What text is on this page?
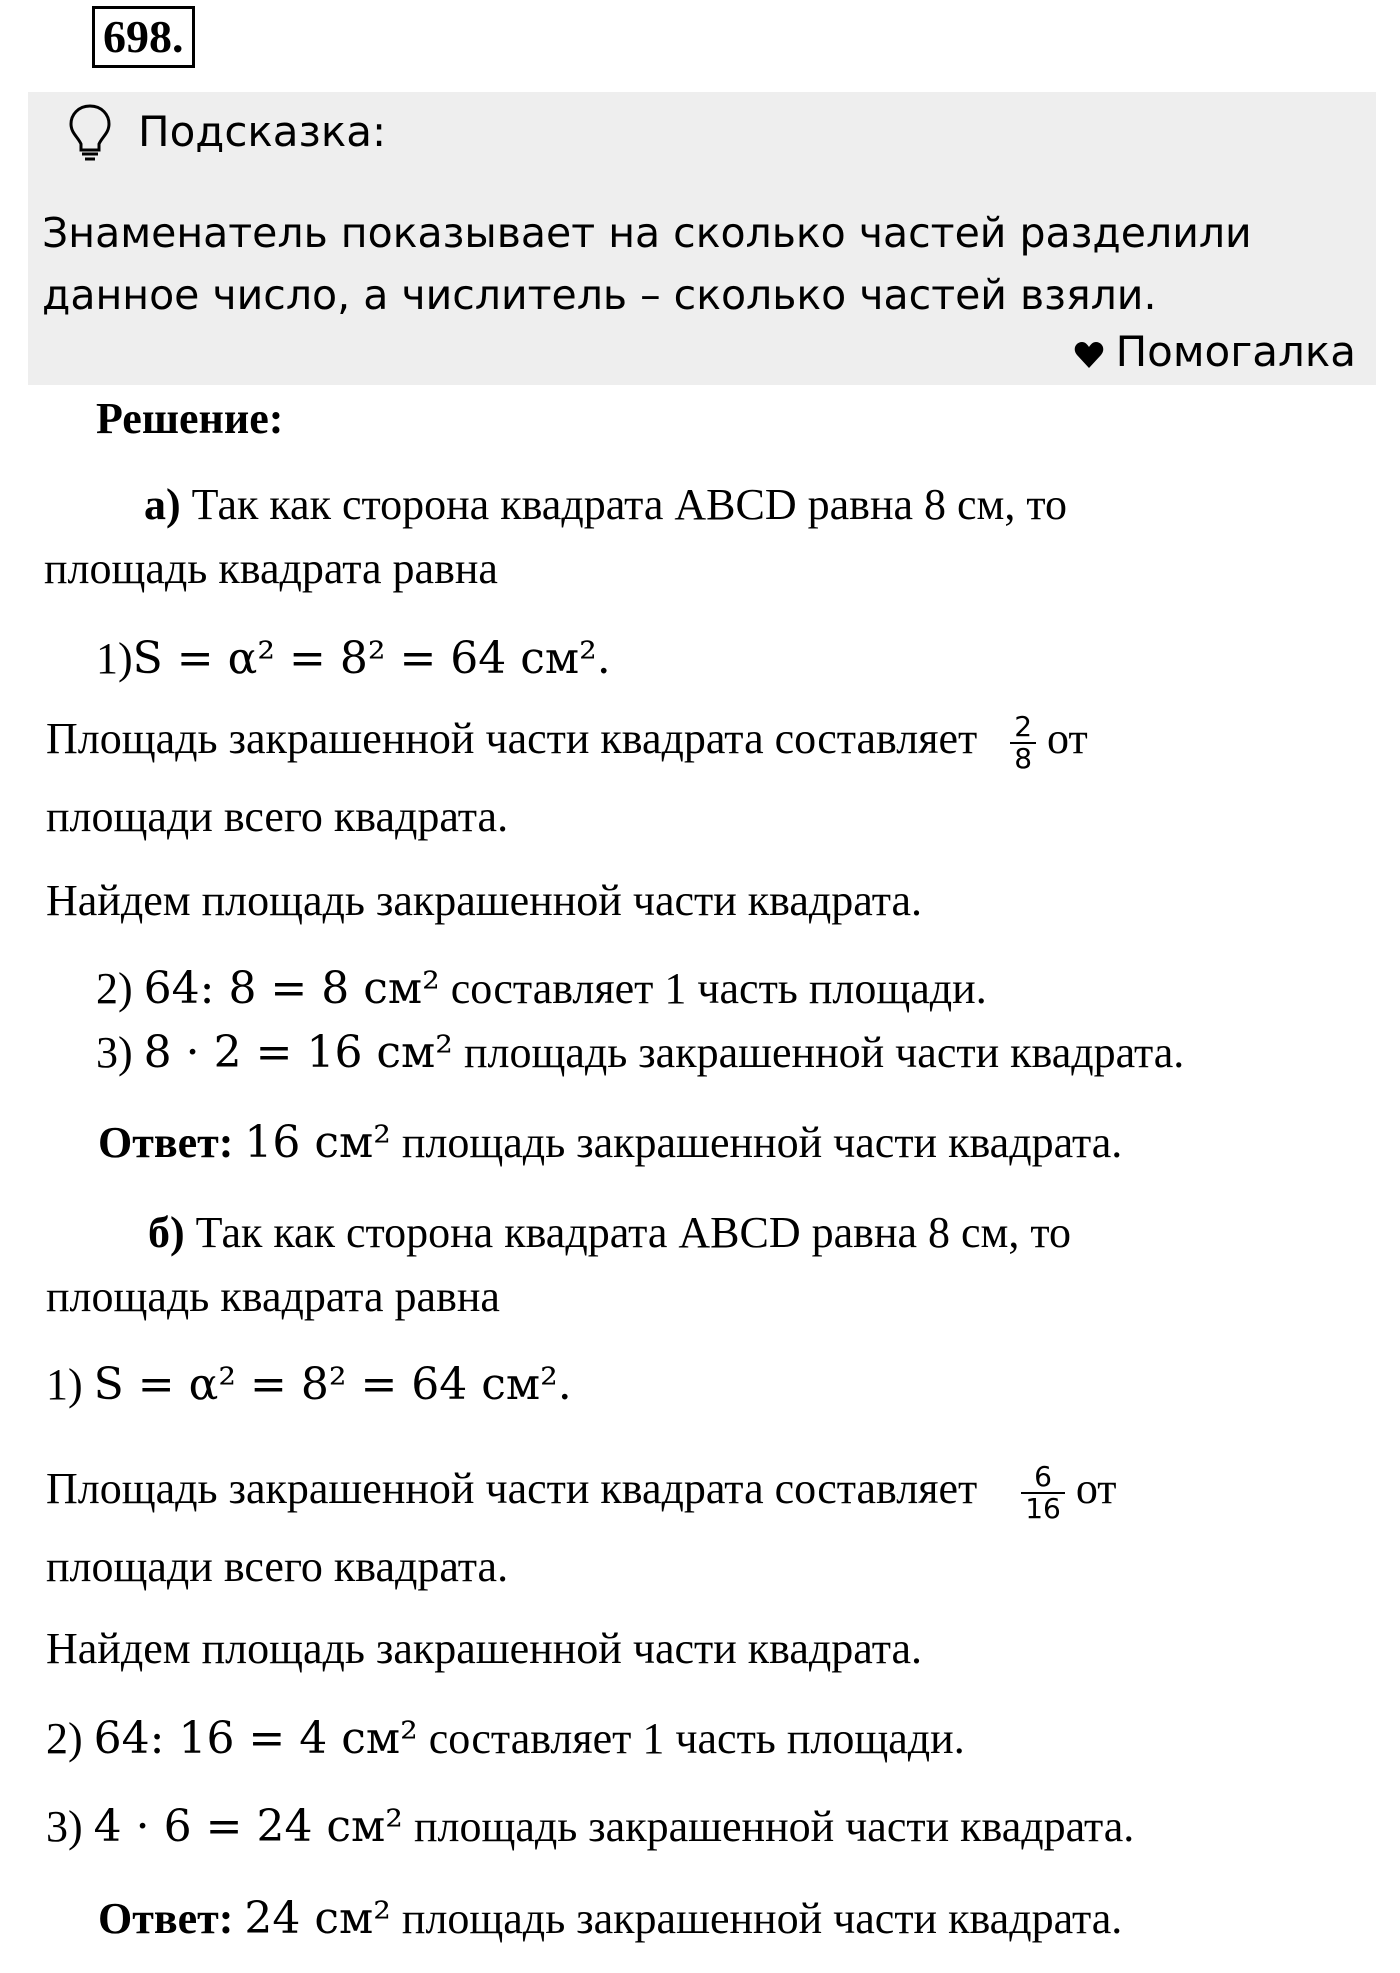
698.
Подсказка:
Знаменатель показывает на сколько частей разделили данное число, а числитель – сколько частей взяли.
Помогалка
Решение:
а) Так как сторона квадрата ABCD равна 8 см, то
площадь квадрата равна
1)S = α² = 8² = 64 см².
Площадь закрашенной части квадрата составляет $\frac{2}{8}$ от
площади всего квадрата.
Найдем площадь закрашенной части квадрата.
2) 64: 8 = 8 см² составляет 1 часть площади.
3) 8 · 2 = 16 см² площадь закрашенной части квадрата.
Ответ: 16 см² площадь закрашенной части квадрата.
б) Так как сторона квадрата ABCD равна 8 см, то
площадь квадрата равна
1) S = α² = 8² = 64 см².
Площадь закрашенной части квадрата составляет $\frac{6}{16}$ от
площади всего квадрата.
Найдем площадь закрашенной части квадрата.
2) 64: 16 = 4 см² составляет 1 часть площади.
3) 4 · 6 = 24 см² площадь закрашенной части квадрата.
Ответ: 24 см² площадь закрашенной части квадрата.
